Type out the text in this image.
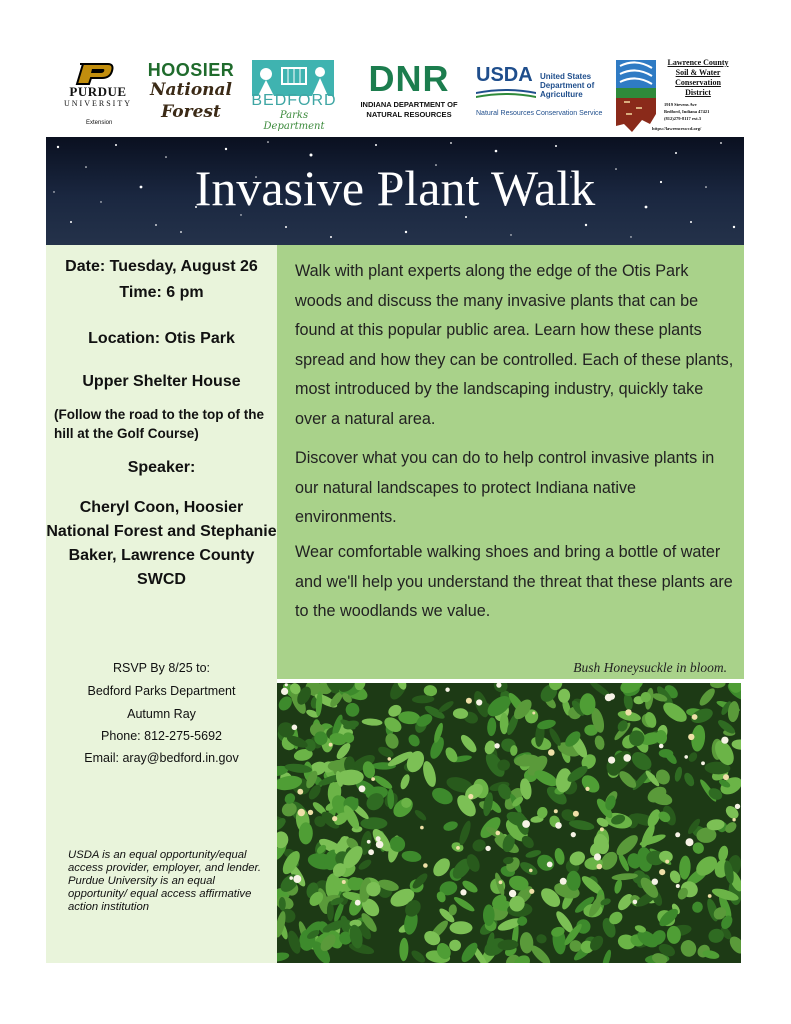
PURDUE
UNIVERSITY
Extension
HOOSIER
National
Forest
BEDFORD
Parks Department
DNR
INDIANA DEPARTMENT OF
NATURAL RESOURCES
USDA United States
Department of
Agriculture
Natural Resources Conservation Service
Lawrence County
Soil & Water
Conservation
District
1919 Stevens Ave
Bedford, Indiana 47421
(812)279-8117 ext.3
https://lawrenceswcd.org/
Invasive Plant Walk
Date: Tuesday, August 26
Time: 6 pm
Location: Otis Park
Upper Shelter House
(Follow the road to the top of the hill at the Golf Course)
Speaker:
Cheryl Coon, Hoosier National Forest and Stephanie Baker, Lawrence County SWCD
RSVP By 8/25 to:
Bedford Parks Department
Autumn Ray
Phone: 812-275-5692
Email: aray@bedford.in.gov
USDA is an equal opportunity/equal access provider, employer, and lender. Purdue University is an equal opportunity/ equal access affirmative action institution
Walk with plant experts along the edge of the Otis Park woods and discuss the many invasive plants that can be found at this popular public area. Learn how these plants spread and how they can be controlled. Each of these plants, most introduced by the landscaping industry, quickly take over a natural area.
Discover what you can do to help control invasive plants in our natural landscapes to protect Indiana native environments.
Wear comfortable walking shoes and bring a bottle of water and we'll help you understand the threat that these plants are to the woodlands we value.
Bush Honeysuckle in bloom.
